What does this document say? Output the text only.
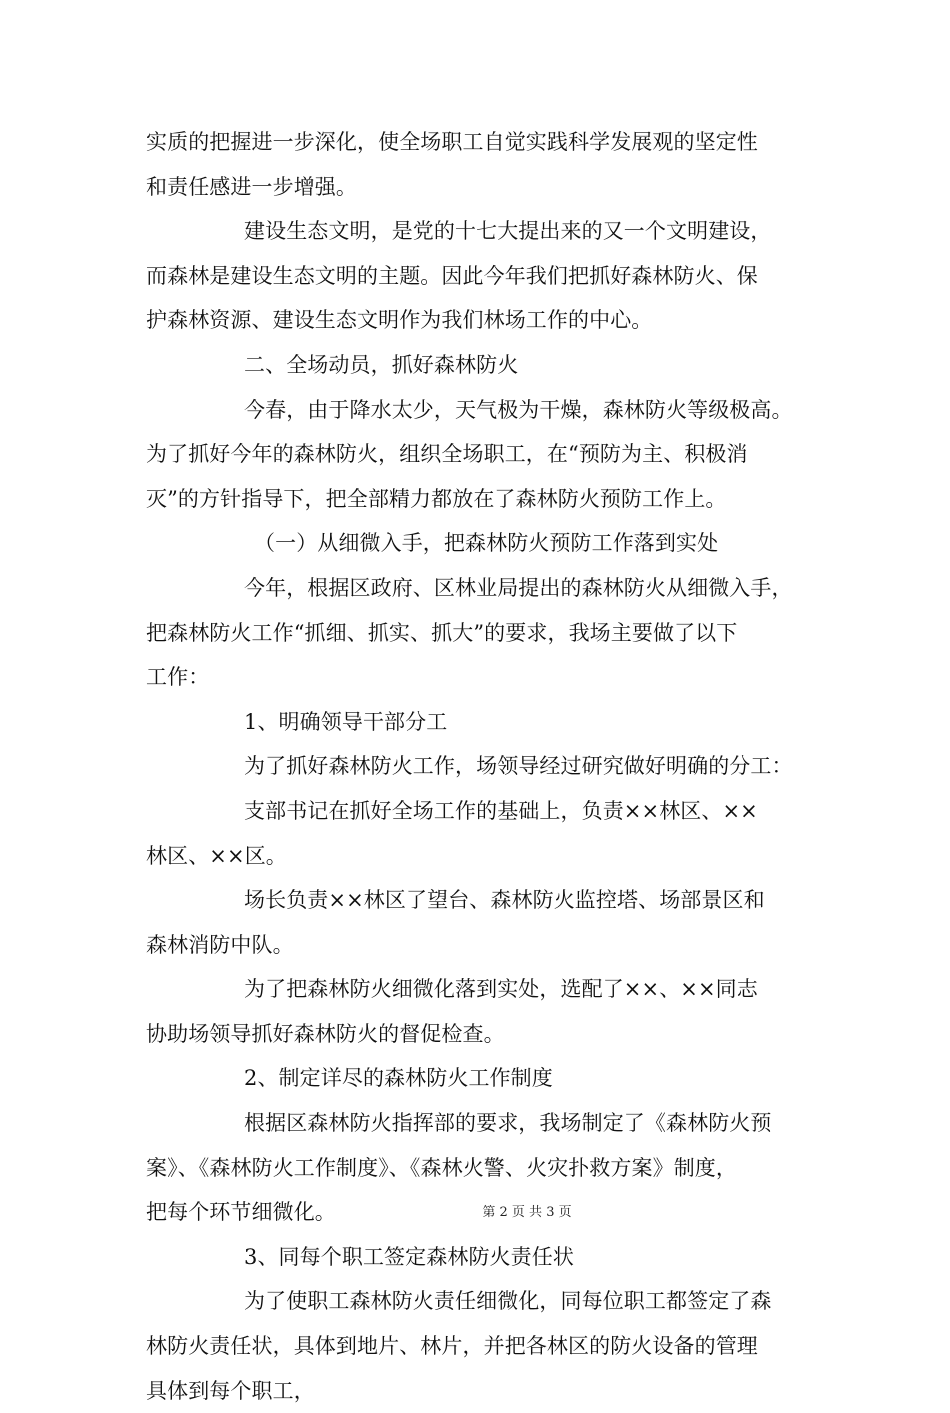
实质的把握进一步深化，使全场职工自觉实践科学发展观的坚定性
和责任感进一步增强。
建设生态文明，是党的十七大提出来的又一个文明建设，
而森林是建设生态文明的主题。因此今年我们把抓好森林防火、保
护森林资源、建设生态文明作为我们林场工作的中心。
二、全场动员，抓好森林防火
今春，由于降水太少，天气极为干燥，森林防火等级极高。
为了抓好今年的森林防火，组织全场职工，在“预防为主、积极消
灭”的方针指导下，把全部精力都放在了森林防火预防工作上。
（一）从细微入手，把森林防火预防工作落到实处
今年，根据区政府、区林业局提出的森林防火从细微入手，
把森林防火工作“抓细、抓实、抓大”的要求，我场主要做了以下
工作：
1、明确领导干部分工
为了抓好森林防火工作，场领导经过研究做好明确的分工：
支部书记在抓好全场工作的基础上，负责××林区、××
林区、××区。
场长负责××林区了望台、森林防火监控塔、场部景区和
森林消防中队。
为了把森林防火细微化落到实处，选配了××、××同志
协助场领导抓好森林防火的督促检查。
2、制定详尽的森林防火工作制度
根据区森林防火指挥部的要求，我场制定了《森林防火预
案》、《森林防火工作制度》、《森林火警、火灾扑救方案》制度，
把每个环节细微化。
3、同每个职工签定森林防火责任状
为了使职工森林防火责任细微化，同每位职工都签定了森
林防火责任状，具体到地片、林片，并把各林区的防火设备的管理
具体到每个职工，
第 2 页 共 3 页
